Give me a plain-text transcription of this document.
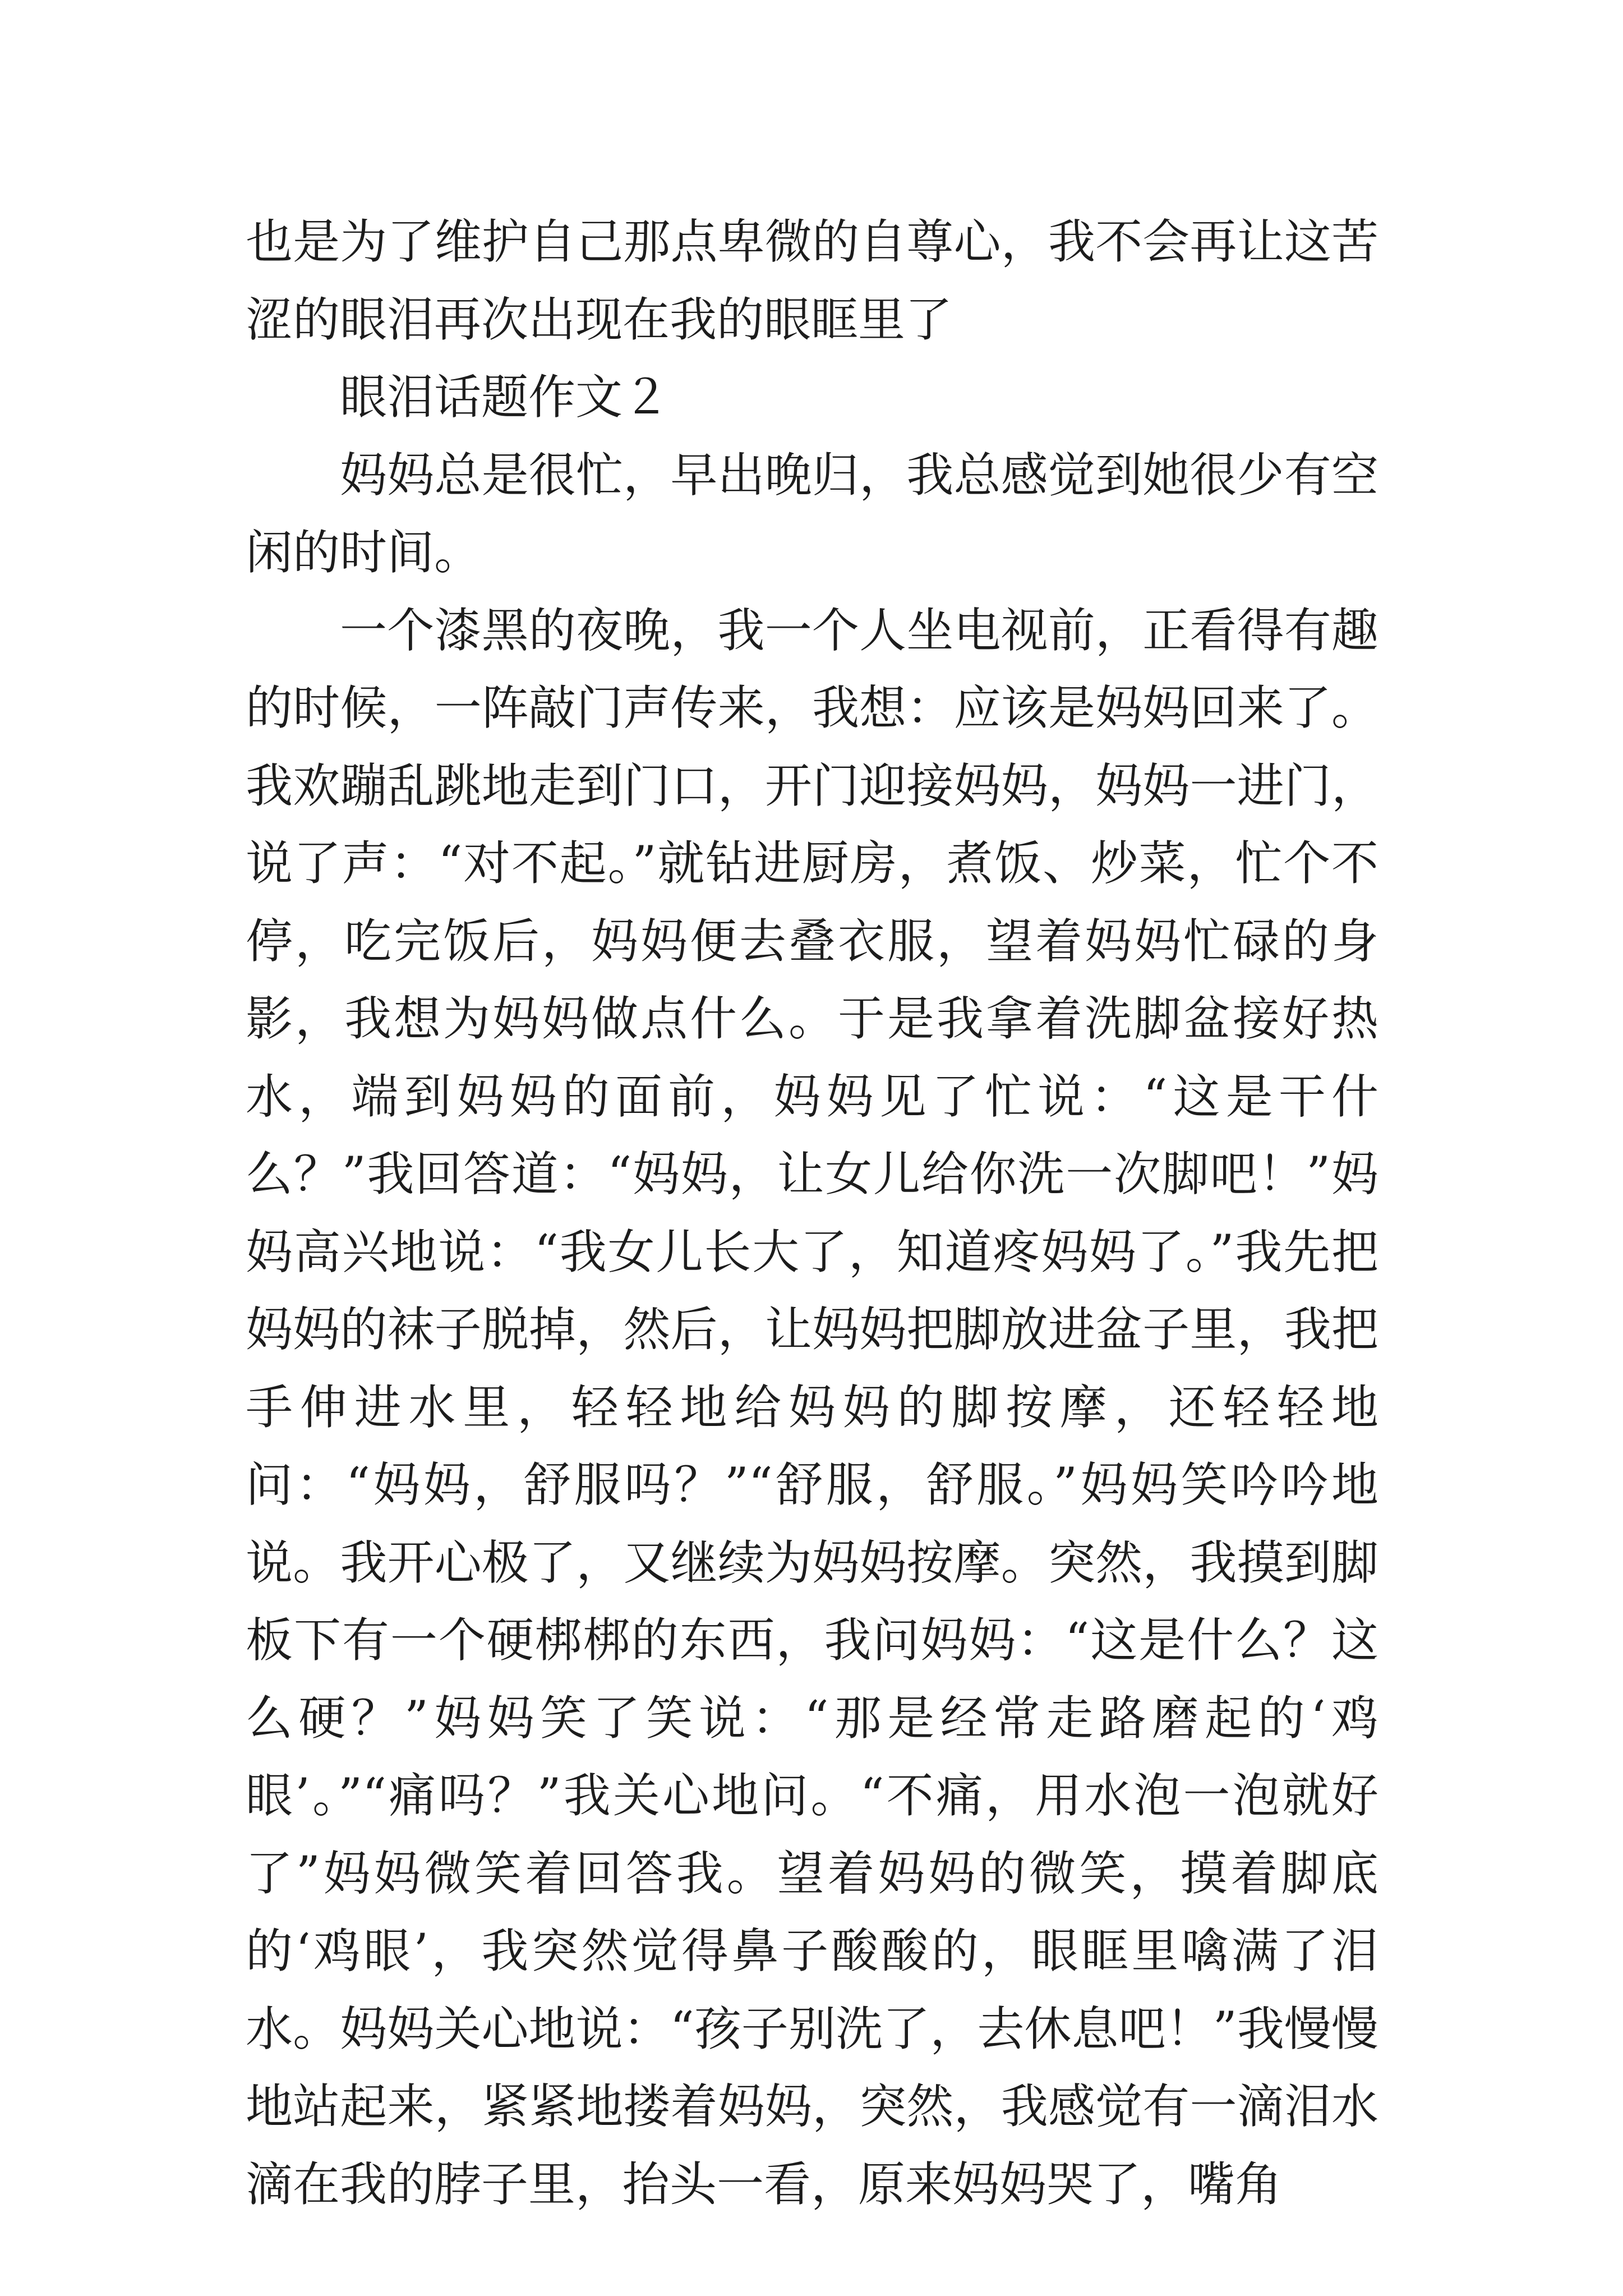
也是为了维护自己那点卑微的自尊心，我不会再让这苦涩的眼泪再次出现在我的眼眶里了

眼泪话题作文２

妈妈总是很忙，早出晚归，我总感觉到她很少有空闲的时间。

一个漆黑的夜晚，我一个人坐电视前，正看得有趣的时候，一阵敲门声传来，我想：应该是妈妈回来了。我欢蹦乱跳地走到门口，开门迎接妈妈，妈妈一进门，说了声：“对不起。”就钻进厨房，煮饭、炒菜，忙个不停，吃完饭后，妈妈便去叠衣服，望着妈妈忙碌的身影，我想为妈妈做点什么。于是我拿着洗脚盆接好热水，端到妈妈的面前，妈妈见了忙说：“这是干什么？”我回答道：“妈妈，让女儿给你洗一次脚吧！”妈妈高兴地说：“我女儿长大了，知道疼妈妈了。”我先把妈妈的袜子脱掉，然后，让妈妈把脚放进盆子里，我把手伸进水里，轻轻地给妈妈的脚按摩，还轻轻地问：“妈妈，舒服吗？”“舒服，舒服。”妈妈笑吟吟地说。我开心极了，又继续为妈妈按摩。突然，我摸到脚板下有一个硬梆梆的东西，我问妈妈：“这是什么？这么硬？”妈妈笑了笑说：“那是经常走路磨起的‘鸡眼’。”“痛吗？”我关心地问。“不痛，用水泡一泡就好了”妈妈微笑着回答我。望着妈妈的微笑，摸着脚底的‘鸡眼’，我突然觉得鼻子酸酸的，眼眶里噙满了泪水。妈妈关心地说：“孩子别洗了，去休息吧！”我慢慢地站起来，紧紧地搂着妈妈，突然，我感觉有一滴泪水滴在我的脖子里，抬头一看，原来妈妈哭了，嘴角
